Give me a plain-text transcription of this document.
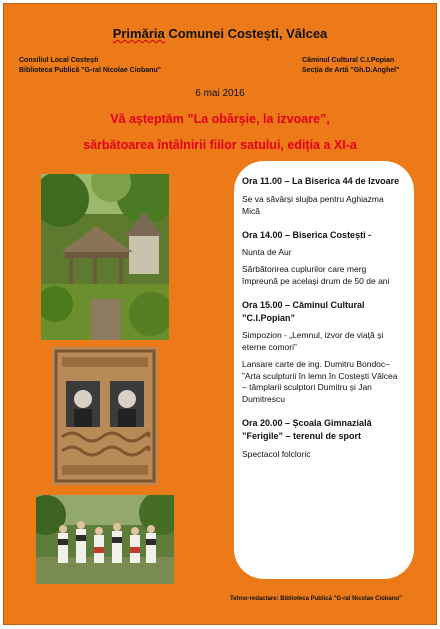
Primăria Comunei Costești, Vâlcea
Consiliul Local Costești
Biblioteca Publică "G-ral Nicolae Ciobanu"
Căminul Cultural C.I.Popian
Secția de Artă "Gh.D.Anghel"
6 mai 2016
Vă așteptăm ”La obârșie, la izvoare”,
sărbătoarea întâlnirii fiilor satului, ediția a XI-a
Ora 11.00 – La Biserica 44 de Izvoare
Se va săvârși slujba pentru Aghiazma Mică
Ora 14.00 – Biserica Costești -
Nunta de Aur
Sărbătorirea cuplurilor care merg împreună pe același drum de 50 de ani
Ora 15.00 – Căminul Cultural ”C.I.Popian”
Simpozion - „Lemnul, izvor de viață și eterne comori”
Lansare carte de ing. Dumitru Bondoc– ”Arta sculpturii în lemn în Costești Vâlcea – tâmplarii sculptori Dumitru și Jan Dumitrescu
Ora 20.00 – Școala Gimnazială ”Ferigile” – terenul de sport
Spectacol folcloric
Tehno-redactare: Biblioteca Publică "G-ral Nicolae Ciobanu"
